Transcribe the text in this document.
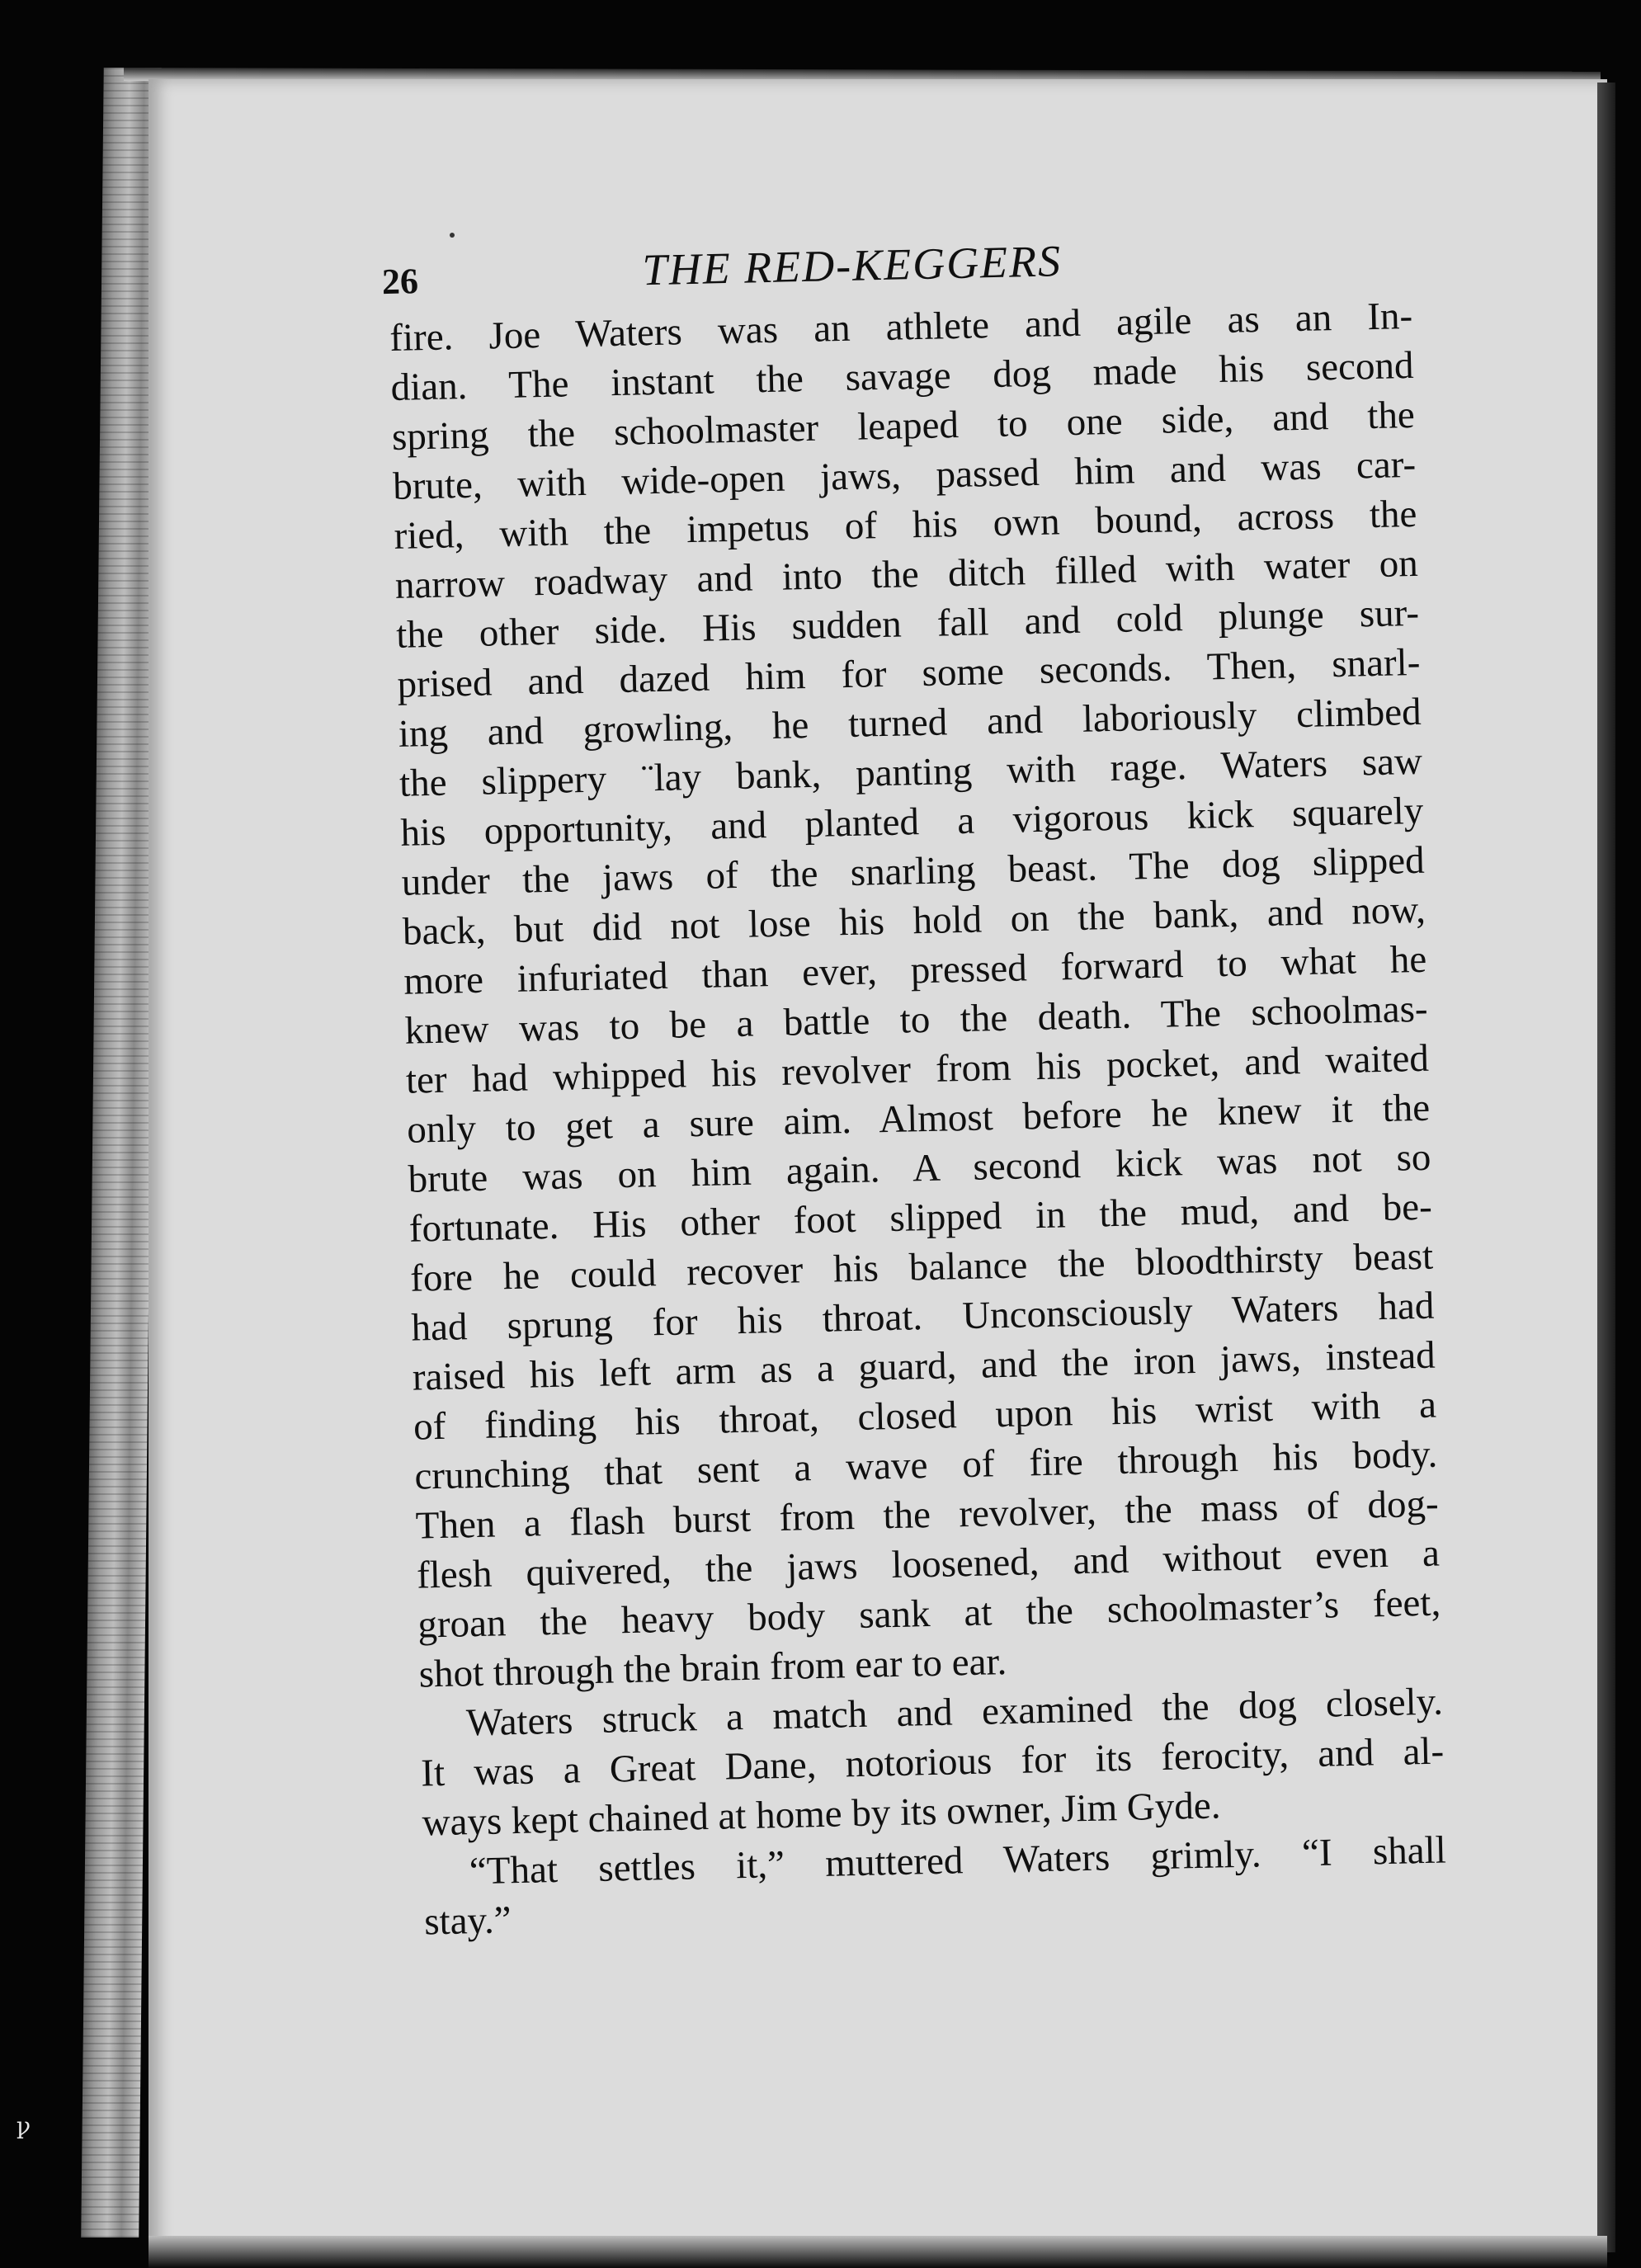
ꝩ
26	THE RED-KEGGERS
fire. Joe Waters was an athlete and agile as an In-
dian. The instant the savage dog made his second
spring the schoolmaster leaped to one side, and the
brute, with wide-open jaws, passed him and was car-
ried, with the impetus of his own bound, across the
narrow roadway and into the ditch filled with water on
the other side. His sudden fall and cold plunge sur-
prised and dazed him for some seconds. Then, snarl-
ing and growling, he turned and laboriously climbed
the slippery ¨lay bank, panting with rage. Waters saw
his opportunity, and planted a vigorous kick squarely
under the jaws of the snarling beast. The dog slipped
back, but did not lose his hold on the bank, and now,
more infuriated than ever, pressed forward to what he
knew was to be a battle to the death. The schoolmas-
ter had whipped his revolver from his pocket, and waited
only to get a sure aim. Almost before he knew it the
brute was on him again. A second kick was not so
fortunate. His other foot slipped in the mud, and be-
fore he could recover his balance the bloodthirsty beast
had sprung for his throat. Unconsciously Waters had
raised his left arm as a guard, and the iron jaws, instead
of finding his throat, closed upon his wrist with a
crunching that sent a wave of fire through his body.
Then a flash burst from the revolver, the mass of dog-
flesh quivered, the jaws loosened, and without even a
groan the heavy body sank at the schoolmaster’s feet,
shot through the brain from ear to ear.
Waters struck a match and examined the dog closely.
It was a Great Dane, notorious for its ferocity, and al-
ways kept chained at home by its owner, Jim Gyde.
“That settles it,” muttered Waters grimly. “I shall
stay.”
